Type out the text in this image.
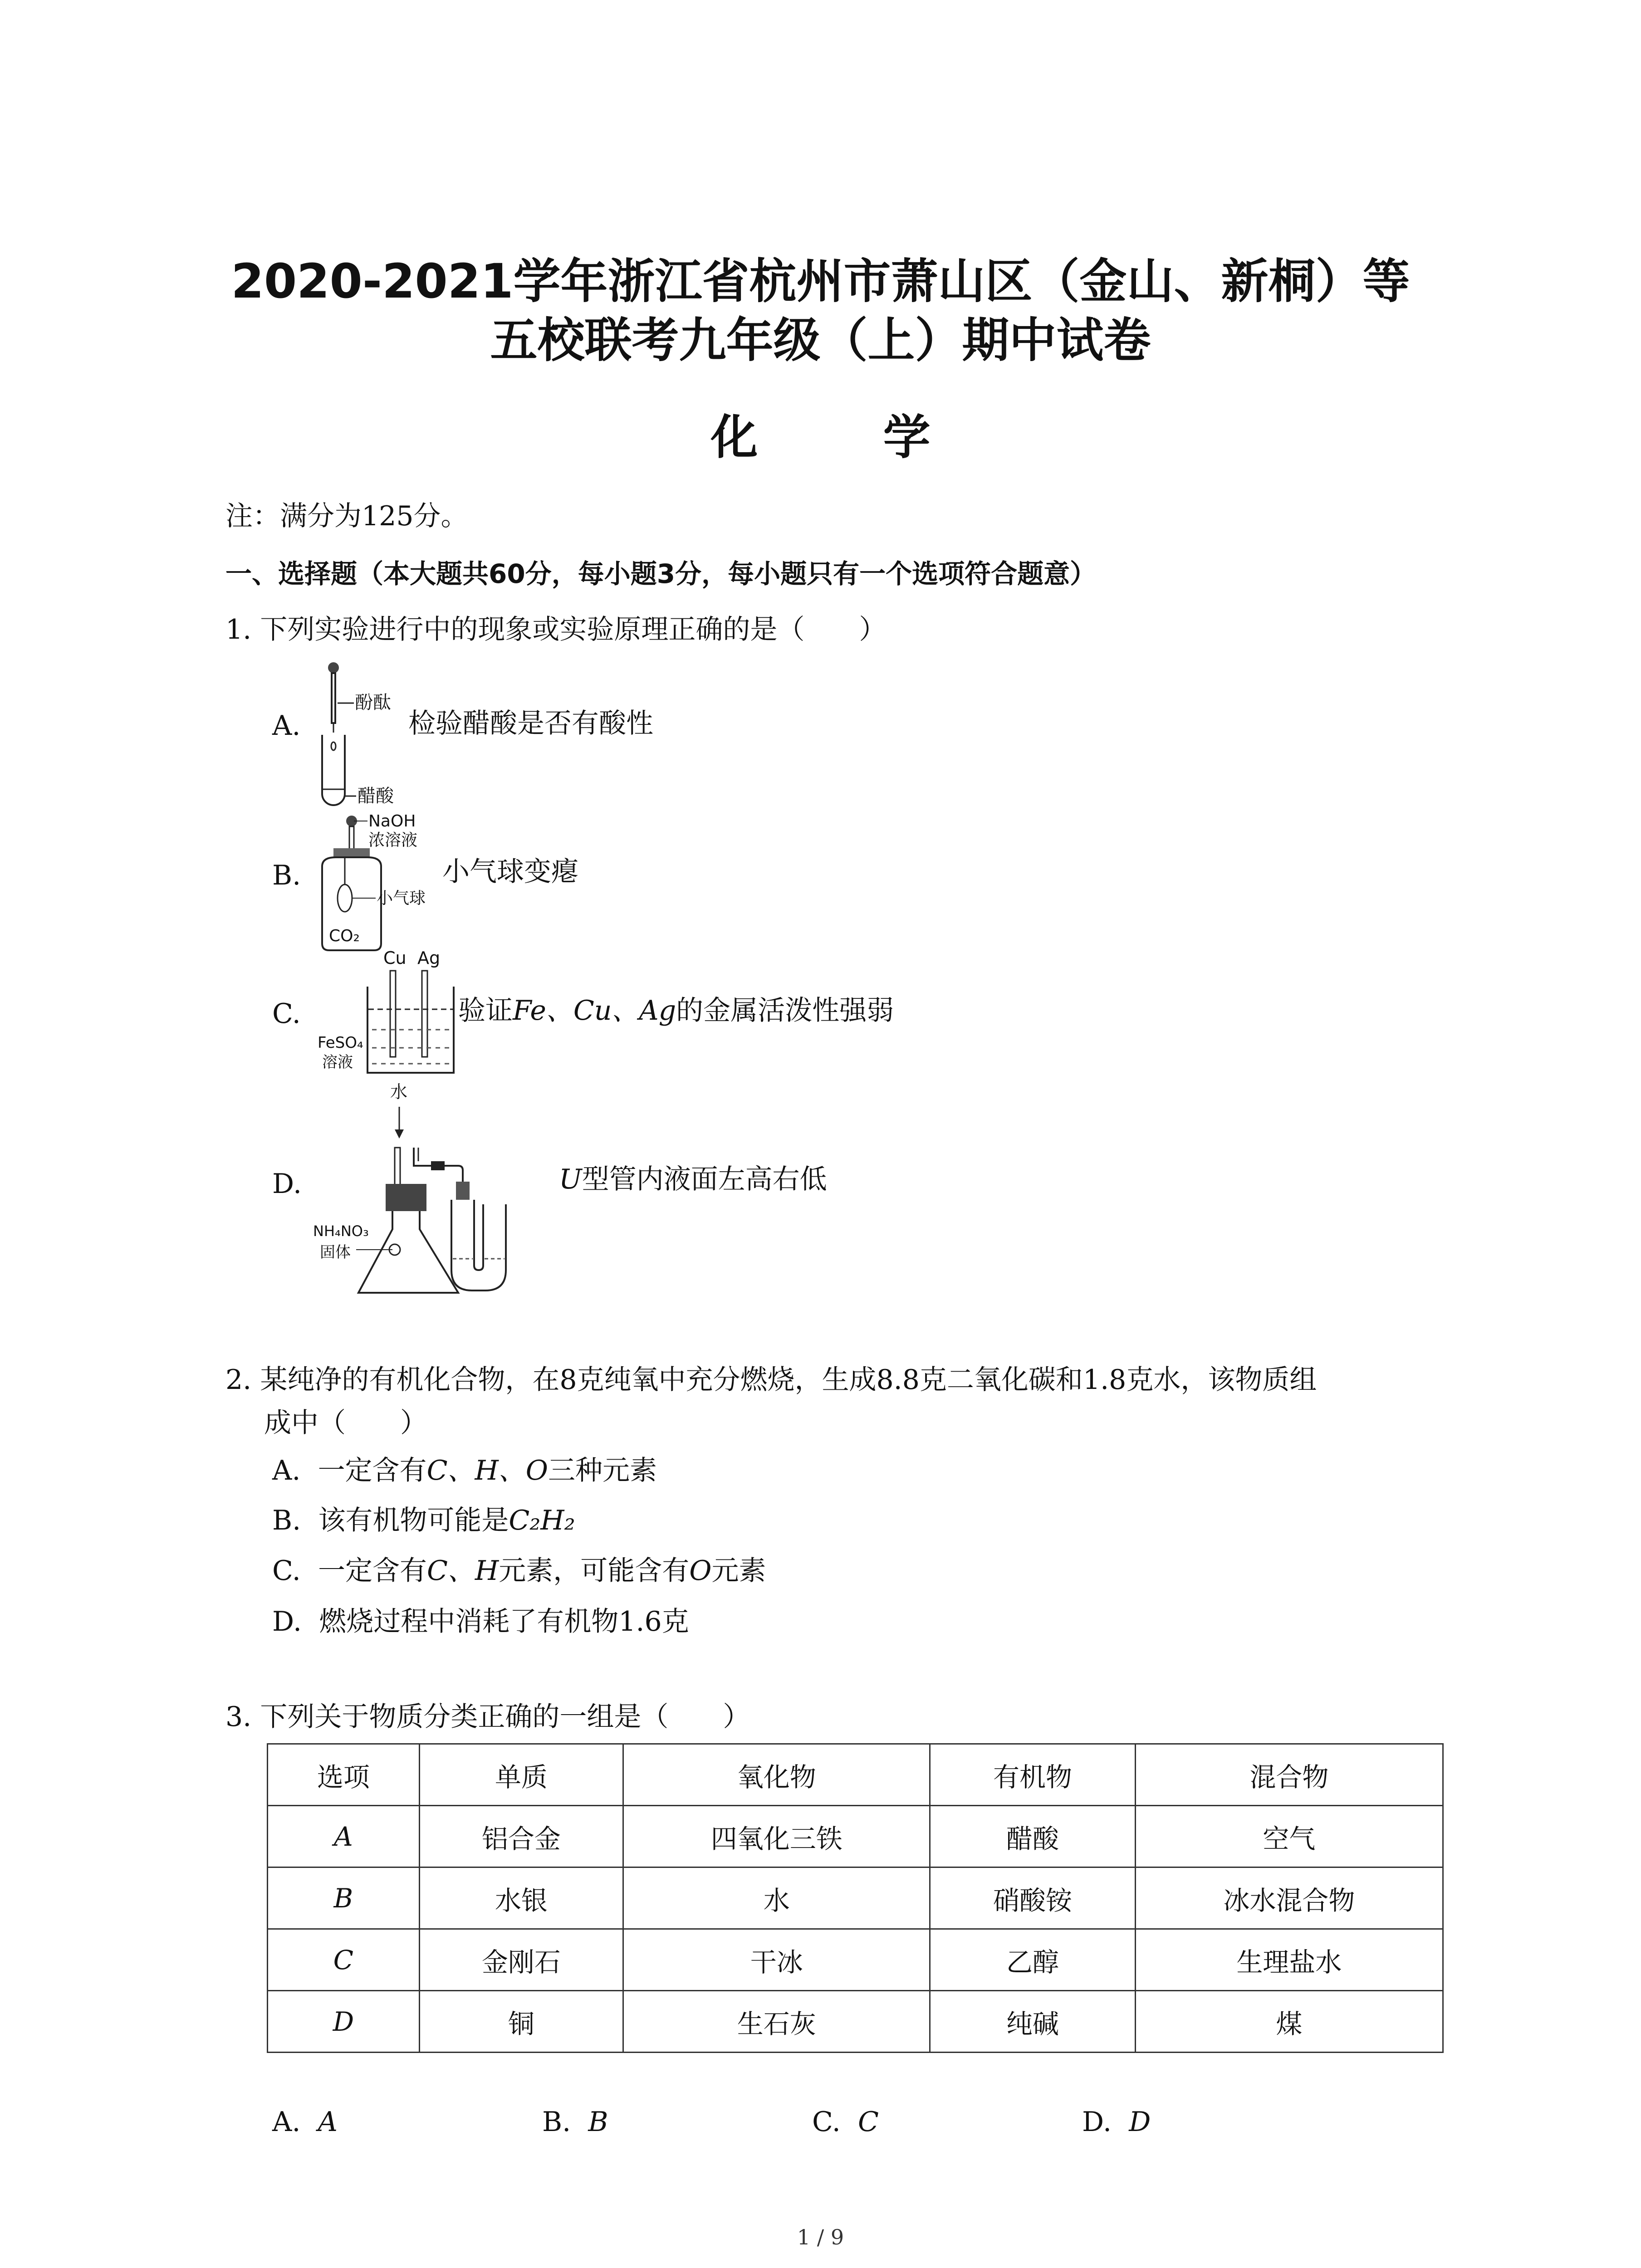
2020-2021学年浙江省杭州市萧山区（金山、新桐）等
五校联考九年级（上）期中试卷
化 学
注：满分为125分。
一、选择题（本大题共60分，每小题3分，每小题只有一个选项符合题意）
1. 下列实验进行中的现象或实验原理正确的是（　　）
A.	检验醋酸是否有酸性
酚酞
醋酸
B.	小气球变瘪
NaOH
浓溶液
小气球
CO₂
C.	验证Fe、Cu、Ag的金属活泼性强弱
Cu Ag
FeSO₄
溶液
D.	U型管内液面左高右低
水
NH₄NO₃
固体
2. 某纯净的有机化合物，在8克纯氧中充分燃烧，生成8.8克二氧化碳和1.8克水，该物质组
成中（　　）
A. 一定含有C、H、O三种元素
B. 该有机物可能是C₂H₂
C. 一定含有C、H元素，可能含有O元素
D. 燃烧过程中消耗了有机物1.6克
3. 下列关于物质分类正确的一组是（　　）
选项	单质	氧化物	有机物	混合物
A	铝合金	四氧化三铁	醋酸	空气
B	水银	水	硝酸铵	冰水混合物
C	金刚石	干冰	乙醇	生理盐水
D	铜	生石灰	纯碱	煤
A. A	B. B	C. C	D. D
1 / 9
